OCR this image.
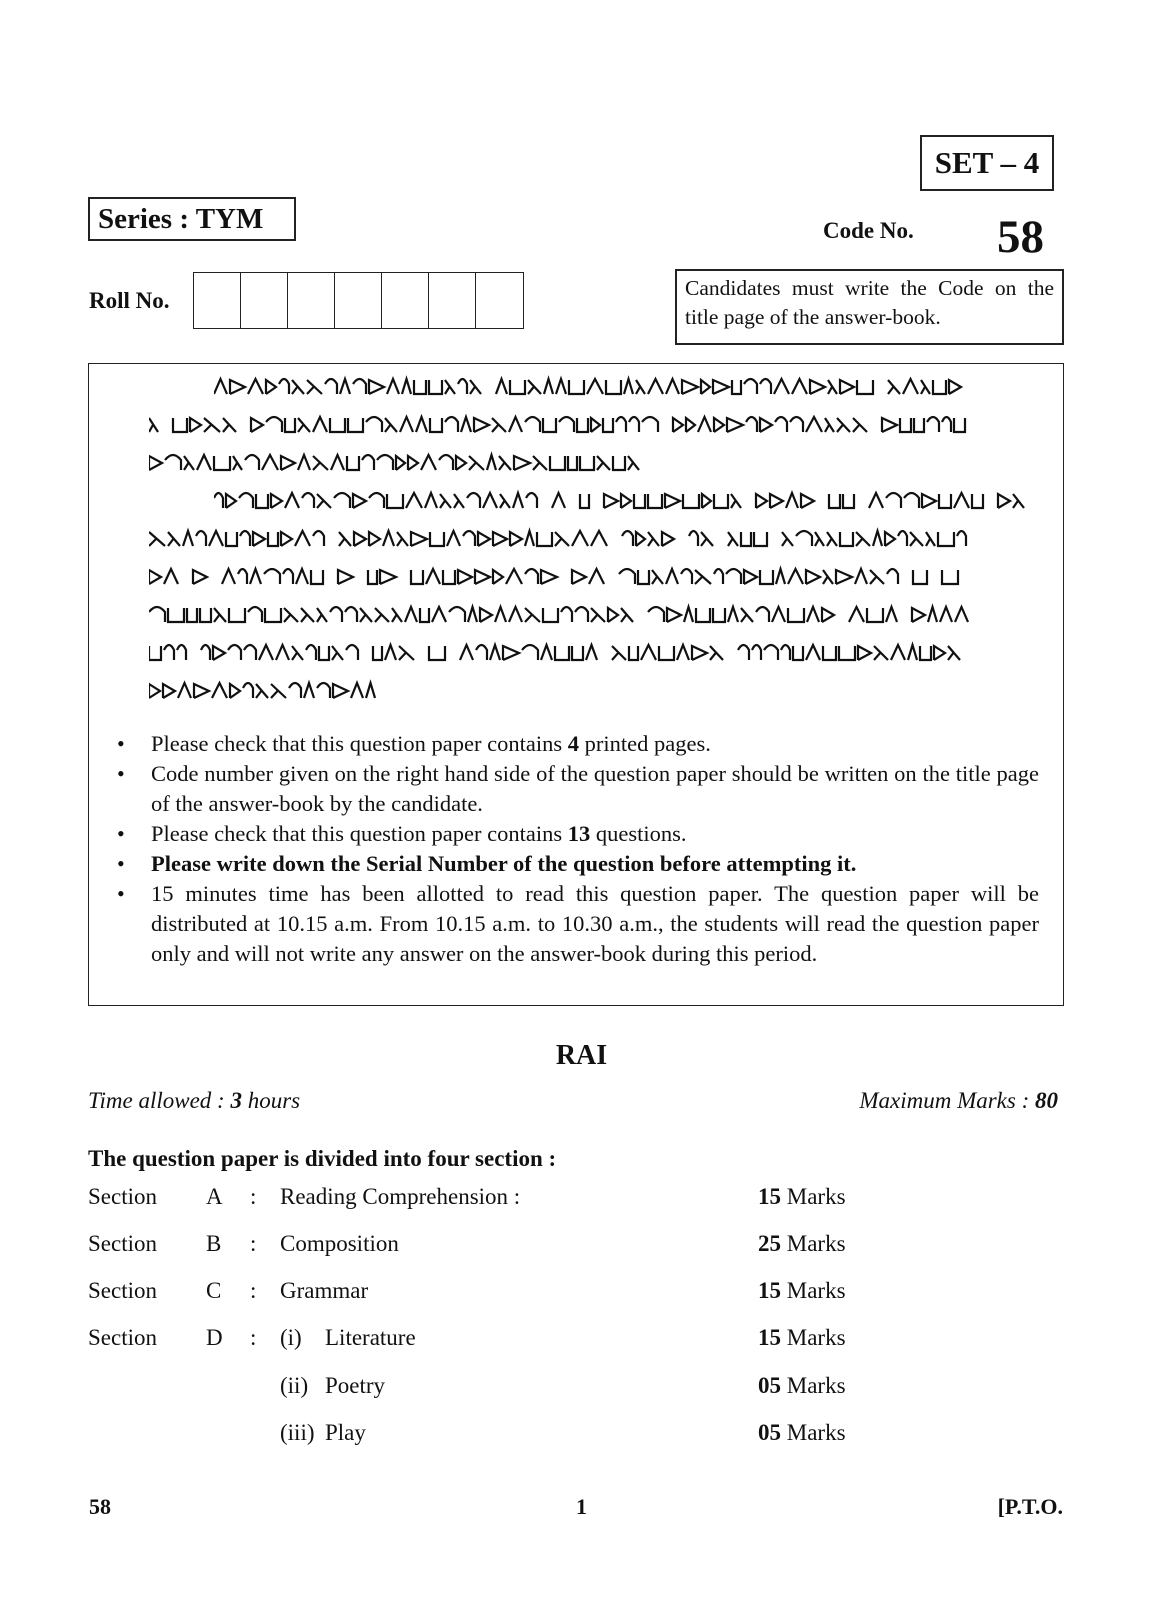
SET – 4
Series : TYM	Code No. 58
Roll No.	Candidates must write the Code on the title page of the answer-book.
• Please check that this question paper contains 4 printed pages.
• Code number given on the right hand side of the question paper should be written on the title page of the answer-book by the candidate.
• Please check that this question paper contains 13 questions.
• Please write down the Serial Number of the question before attempting it.
• 15 minutes time has been allotted to read this question paper. The question paper will be distributed at 10.15 a.m. From 10.15 a.m. to 10.30 a.m., the students will read the question paper only and will not write any answer on the answer-book during this period.
RAI
Time allowed : 3 hours	Maximum Marks : 80
The question paper is divided into four section :
Section A : Reading Comprehension :	15 Marks
Section B : Composition	25 Marks
Section C : Grammar	15 Marks
Section D : (i) Literature	15 Marks
(ii) Poetry	05 Marks
(iii) Play	05 Marks
58	1	[P.T.O.
